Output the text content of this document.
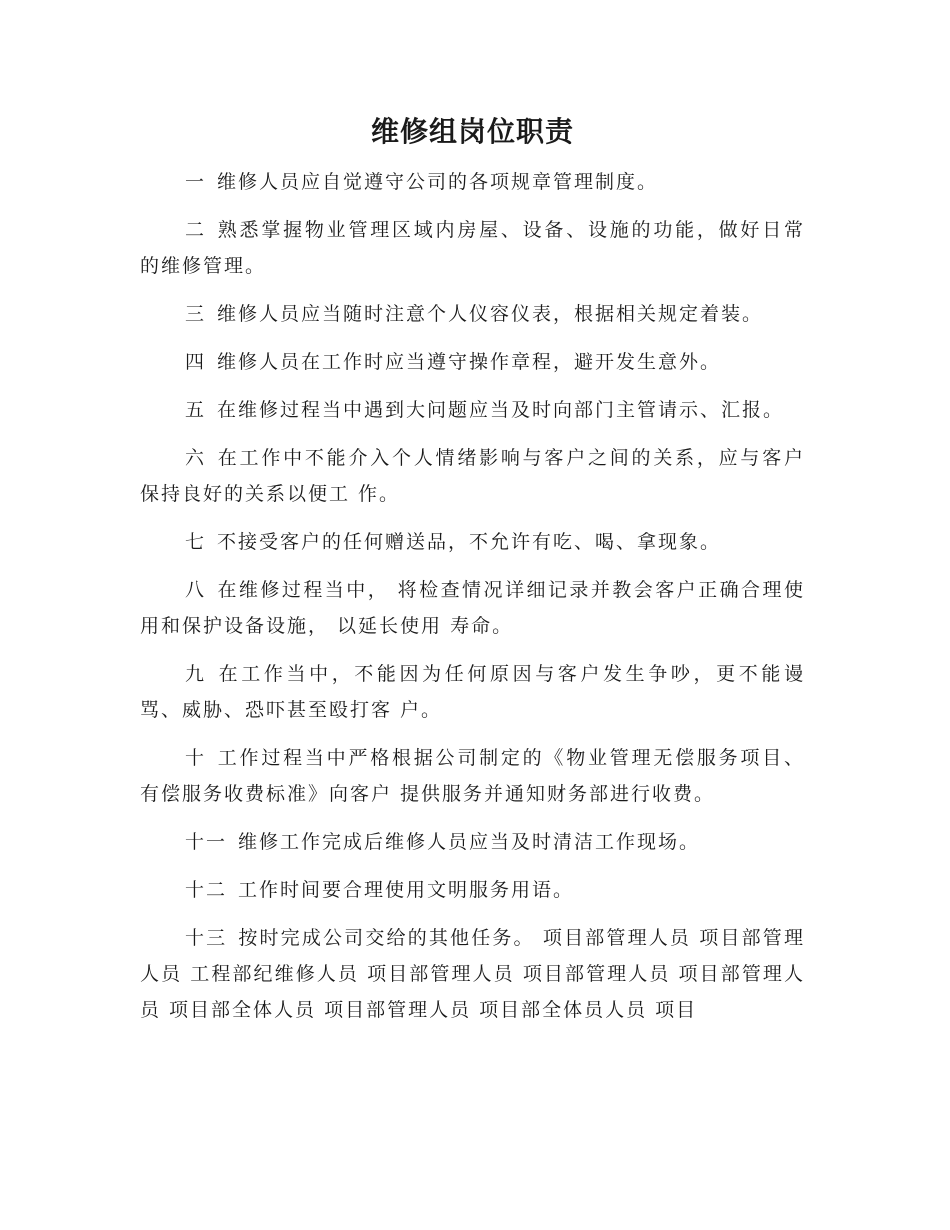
维修组岗位职责

一 维修人员应自觉遵守公司的各项规章管理制度。

二 熟悉掌握物业管理区域内房屋、设备、设施的功能，做好日常的维修管理。

三 维修人员应当随时注意个人仪容仪表，根据相关规定着装。

四 维修人员在工作时应当遵守操作章程，避开发生意外。

五 在维修过程当中遇到大问题应当及时向部门主管请示、汇报。

六 在工作中不能介入个人情绪影响与客户之间的关系，应与客户保持良好的关系以便工 作。

七 不接受客户的任何赠送品，不允许有吃、喝、拿现象。

八 在维修过程当中， 将检查情况详细记录并教会客户正确合理使用和保护设备设施， 以延长使用 寿命。

九 在工作当中，不能因为任何原因与客户发生争吵，更不能谩骂、威胁、恐吓甚至殴打客 户。

十 工作过程当中严格根据公司制定的《物业管理无偿服务项目、有偿服务收费标准》向客户 提供服务并通知财务部进行收费。

十一 维修工作完成后维修人员应当及时清洁工作现场。

十二 工作时间要合理使用文明服务用语。

十三 按时完成公司交给的其他任务。 项目部管理人员 项目部管理人员 工程部纪维修人员 项目部管理人员 项目部管理人员 项目部管理人员 项目部全体人员 项目部管理人员 项目部全体员人员 项目
